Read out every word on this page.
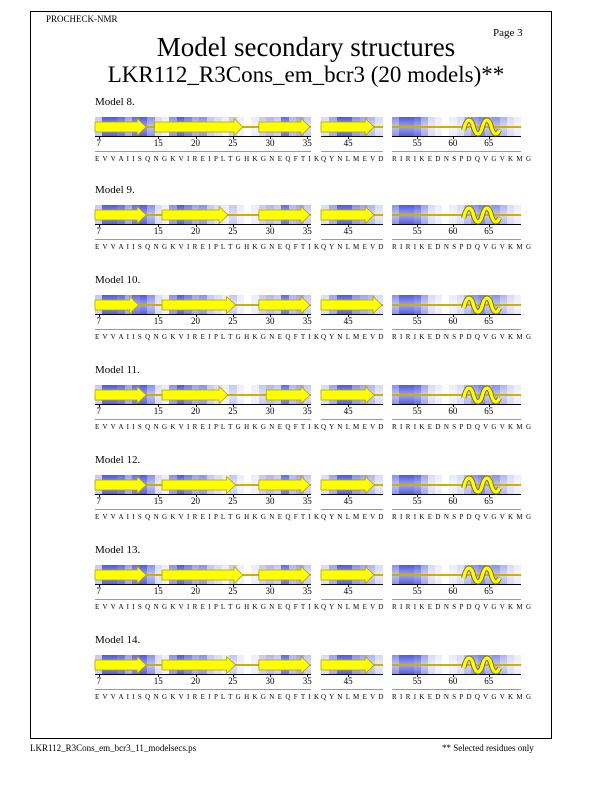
PROCHECK-NMR
Page 3
Model secondary structures
LKR112_R3Cons_em_bcr3 (20 models)**
Model 8.
7	15	20	25	30	35
E V V A I I S Q N G K V I R E I P L T G H K G N E Q F T I K
45
Q Y N L M E V D
55	60	65
R I R I K E D N S P D Q V G V K M G
Model 9.
7	15	20	25	30	35
E V V A I I S Q N G K V I R E I P L T G H K G N E Q F T I K
45
Q Y N L M E V D
55	60	65
R I R I K E D N S P D Q V G V K M G
Model 10.
7	15	20	25	30	35
E V V A I I S Q N G K V I R E I P L T G H K G N E Q F T I K
45
Q Y N L M E V D
55	60	65
R I R I K E D N S P D Q V G V K M G
Model 11.
7	15	20	25	30	35
E V V A I I S Q N G K V I R E I P L T G H K G N E Q F T I K
45
Q Y N L M E V D
55	60	65
R I R I K E D N S P D Q V G V K M G
Model 12.
7	15	20	25	30	35
E V V A I I S Q N G K V I R E I P L T G H K G N E Q F T I K
45
Q Y N L M E V D
55	60	65
R I R I K E D N S P D Q V G V K M G
Model 13.
7	15	20	25	30	35
E V V A I I S Q N G K V I R E I P L T G H K G N E Q F T I K
45
Q Y N L M E V D
55	60	65
R I R I K E D N S P D Q V G V K M G
Model 14.
7	15	20	25	30	35
E V V A I I S Q N G K V I R E I P L T G H K G N E Q F T I K
45
Q Y N L M E V D
55	60	65
R I R I K E D N S P D Q V G V K M G
LKR112_R3Cons_em_bcr3_11_modelsecs.ps	** Selected residues only
